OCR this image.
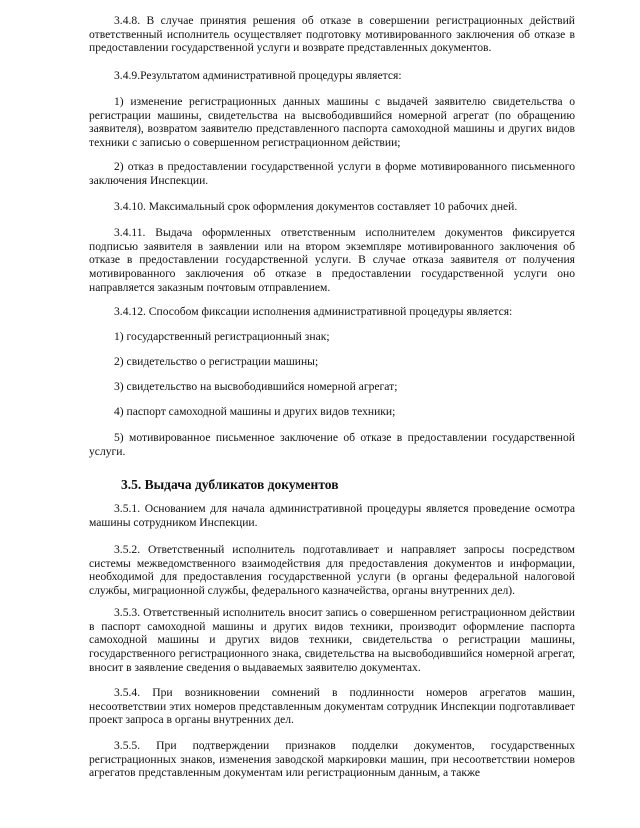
3.4.8. В случае принятия решения об отказе в совершении регистрационных действий ответственный исполнитель осуществляет подготовку мотивированного заключения об отказе в предоставлении государственной услуги и возврате представленных документов.

3.4.9.Результатом административной процедуры является:

1) изменение регистрационных данных машины с выдачей заявителю свидетельства о регистрации машины, свидетельства на высвободившийся номерной агрегат (по обращению заявителя), возвратом заявителю представленного паспорта самоходной машины и других видов техники с записью о совершенном регистрационном действии;

2) отказ в предоставлении государственной услуги в форме мотивированного письменного заключения Инспекции.

3.4.10. Максимальный срок оформления документов составляет 10 рабочих дней.

3.4.11. Выдача оформленных ответственным исполнителем документов фиксируется подписью заявителя в заявлении или на втором экземпляре мотивированного заключения об отказе в предоставлении государственной услуги. В случае отказа заявителя от получения мотивированного заключения об отказе в предоставлении государственной услуги оно направляется заказным почтовым отправлением.

3.4.12. Способом фиксации исполнения административной процедуры является:

1) государственный регистрационный знак;

2) свидетельство о регистрации машины;

3) свидетельство на высвободившийся номерной агрегат;

4) паспорт самоходной машины и других видов техники;

5) мотивированное письменное заключение об отказе в предоставлении государственной услуги.

3.5. Выдача дубликатов документов

3.5.1. Основанием для начала административной процедуры является проведение осмотра машины сотрудником Инспекции.

3.5.2. Ответственный исполнитель подготавливает и направляет запросы посредством системы межведомственного взаимодействия для предоставления документов и информации, необходимой для предоставления государственной услуги (в органы федеральной налоговой службы, миграционной службы, федерального казначейства, органы внутренних дел).

3.5.3. Ответственный исполнитель вносит запись о совершенном регистрационном действии в паспорт самоходной машины и других видов техники, производит оформление паспорта самоходной машины и других видов техники, свидетельства о регистрации машины, государственного регистрационного знака, свидетельства на высвободившийся номерной агрегат, вносит в заявление сведения о выдаваемых заявителю документах.

3.5.4. При возникновении сомнений в подлинности номеров агрегатов машин, несоответствии этих номеров представленным документам сотрудник Инспекции подготавливает проект запроса в органы внутренних дел.

3.5.5. При подтверждении признаков подделки документов, государственных регистрационных знаков, изменения заводской маркировки машин, при несоответствии номеров агрегатов представленным документам или регистрационным данным, а также
